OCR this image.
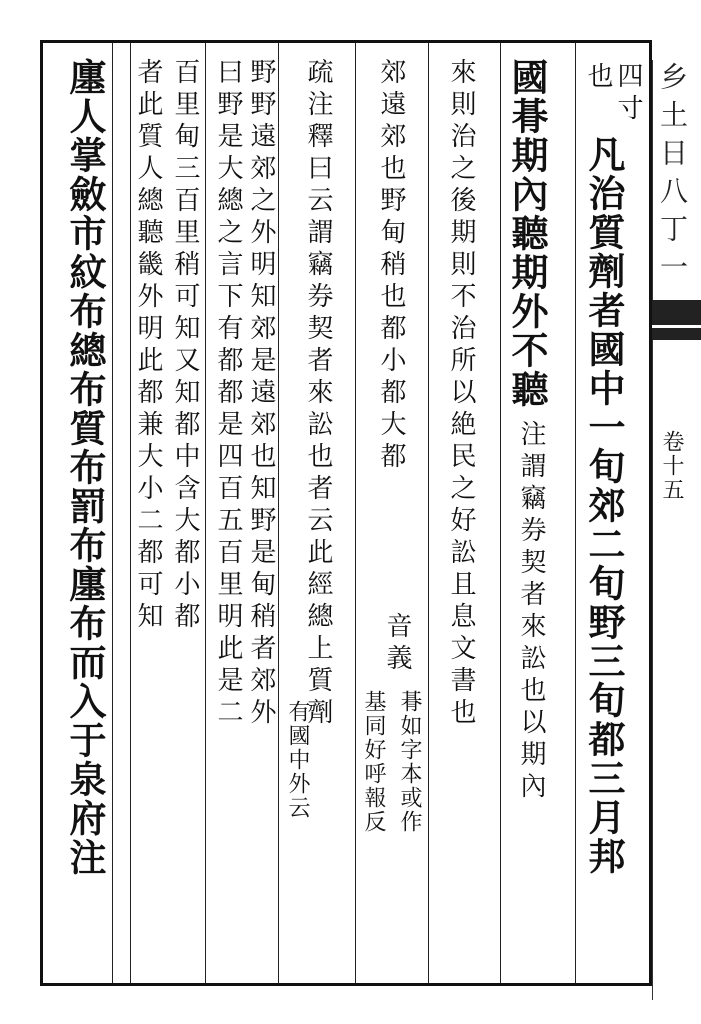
乡土日八丁一
卷十五
四寸
也
凡治質劑者國中一旬郊二旬野三旬都三月邦
國朞期內聽期外不聽
注謂竊券契者來訟也以期內
來則治之後期則不治所以絶民之好訟且息文書也
郊遠郊也野甸稍也都小都大都
音義
朞如字本或作
疏注釋曰云謂竊券契者來訟也者云此經總上質劑
基同好呼報反
野野遠郊之外明知郊是遠郊也知野是甸稍者郊外
有國中外云
曰野是大總之言下有都都是四百五百里明此是二
百里甸三百里稍可知又知都中含大都小都
者此質人總聽畿外明此都兼大小二都可知
廛人掌斂市紋布總布質布罰布廛布而入于泉府注
